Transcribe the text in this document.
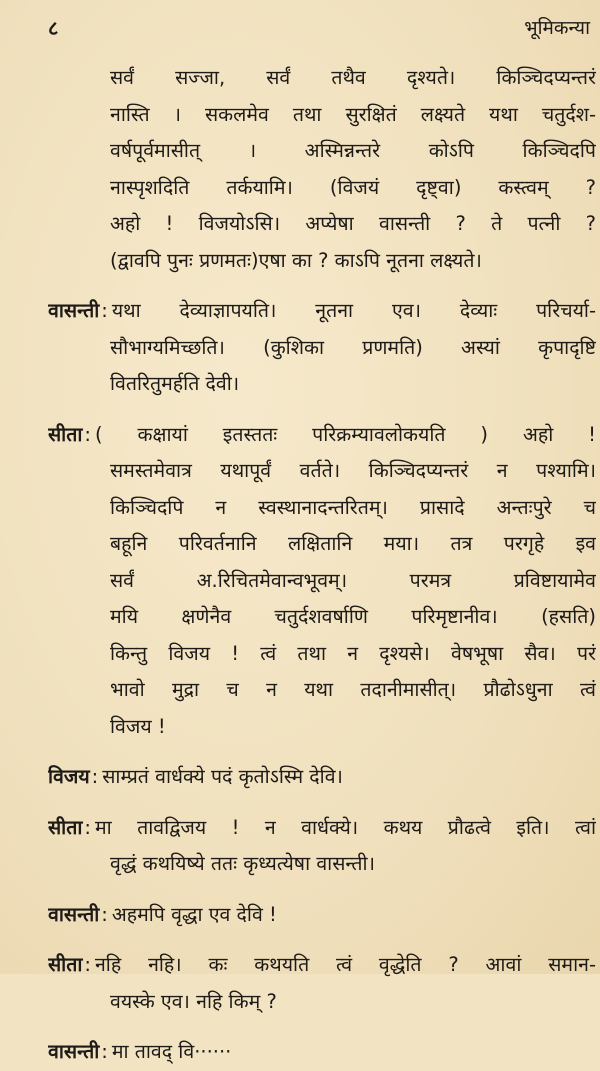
८	भूमिकन्या
सर्वं सज्जा, सर्वं तथैव दृश्यते। किञ्चिदप्यन्तरं
नास्ति । सकलमेव तथा सुरक्षितं लक्ष्यते यथा चतुर्दश-
वर्षपूर्वमासीत् । अस्मिन्नन्तरे कोऽपि किञ्चिदपि
नास्पृशदिति तर्कयामि। (विजयं दृष्ट्वा) कस्त्वम् ?
अहो ! विजयोऽसि। अप्येषा वासन्ती ? ते पत्नी ?
(द्वावपि पुनः प्रणमतः)एषा का ? काऽपि नूतना लक्ष्यते।
वासन्ती : यथा देव्याज्ञापयति। नूतना एव। देव्याः परिचर्या-
सौभाग्यमिच्छति। (कुशिका प्रणमति) अस्यां कृपादृष्टि
वितरितुमर्हति देवी।
सीता : ( कक्षायां इतस्ततः परिक्रम्यावलोकयति ) अहो !
समस्तमेवात्र यथापूर्वं वर्तते। किञ्चिदप्यन्तरं न पश्यामि।
किञ्चिदपि न स्वस्थानादन्तरितम्। प्रासादे अन्तःपुरे च
बहूनि परिवर्तनानि लक्षितानि मया। तत्र परगृहे इव
सर्वं अ.रिचितमेवान्वभूवम्। परमत्र प्रविष्टायामेव
मयि क्षणेनैव चतुर्दशवर्षाणि परिमृष्टानीव। (हसति)
किन्तु विजय ! त्वं तथा न दृश्यसे। वेषभूषा सैव। परं
भावो मुद्रा च न यथा तदानीमासीत्। प्रौढोऽधुना त्वं
विजय !
विजय : साम्प्रतं वार्धक्ये पदं कृतोऽस्मि देवि।
सीता : मा तावद्विजय ! न वार्धक्ये। कथय प्रौढत्वे इति। त्वां
वृद्धं कथयिष्ये ततः कृध्यत्येषा वासन्ती।
वासन्ती : अहमपि वृद्धा एव देवि !
सीता : नहि नहि। कः कथयति त्वं वृद्धेति ? आवां समान-
वयस्के एव। नहि किम् ?
वासन्ती : मा तावद् वि······
